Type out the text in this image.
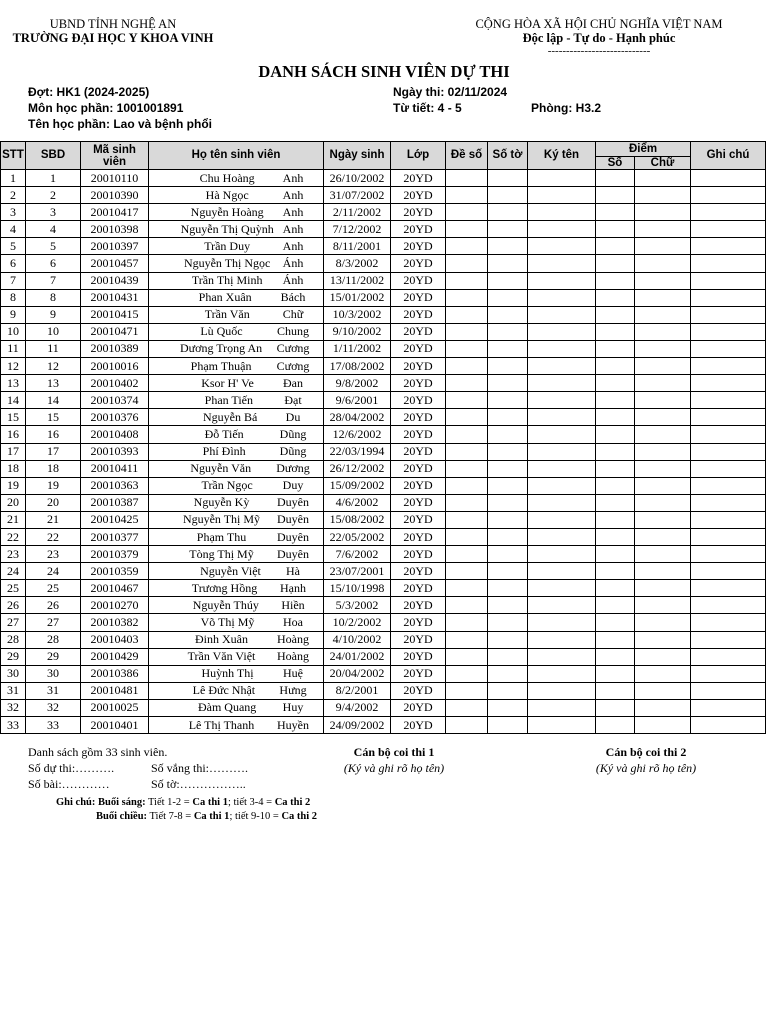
UBND TỈNH NGHỆ AN
TRƯỜNG ĐẠI HỌC Y KHOA VINH
CỘNG HÒA XÃ HỘI CHỦ NGHĨA VIỆT NAM
Độc lập - Tự do - Hạnh phúc
----------------------------
DANH SÁCH SINH VIÊN DỰ THI
Đợt: HK1 (2024-2025)
Môn học phần: 1001001891
Tên học phần: Lao và bệnh phổi
Ngày thi: 02/11/2024
Từ tiết: 4 - 5	Phòng: H3.2
STT	SBD	Mã sinh viên	Họ tên sinh viên	Ngày sinh	Lớp	Đề số	Số tờ	Ký tên	Điểm		Ghi chú
									Số	Chữ	
1	1	20010110	Chu Hoàng Anh	26/10/2002	20YD						
2	2	20010390	Hà Ngọc Anh	31/07/2002	20YD						
3	3	20010417	Nguyễn Hoàng Anh	2/11/2002	20YD						
4	4	20010398	Nguyễn Thị Quỳnh Anh	7/12/2002	20YD						
5	5	20010397	Trần Duy Anh	8/11/2001	20YD						
6	6	20010457	Nguyễn Thị Ngọc Ánh	8/3/2002	20YD						
7	7	20010439	Trần Thị Minh Ánh	13/11/2002	20YD						
8	8	20010431	Phan Xuân Bách	15/01/2002	20YD						
9	9	20010415	Trần Văn Chữ	10/3/2002	20YD						
10	10	20010471	Lù Quốc Chung	9/10/2002	20YD						
11	11	20010389	Dương Trọng An Cương	1/11/2002	20YD						
12	12	20010016	Phạm Thuận Cương	17/08/2002	20YD						
13	13	20010402	Ksor H' Ve Đan	9/8/2002	20YD						
14	14	20010374	Phan Tiến Đạt	9/6/2001	20YD						
15	15	20010376	Nguyễn Bá Du	28/04/2002	20YD						
16	16	20010408	Đỗ Tiến Dũng	12/6/2002	20YD						
17	17	20010393	Phí Đình Dũng	22/03/1994	20YD						
18	18	20010411	Nguyễn Văn Dương	26/12/2002	20YD						
19	19	20010363	Trần Ngọc Duy	15/09/2002	20YD						
20	20	20010387	Nguyễn Kỳ Duyên	4/6/2002	20YD						
21	21	20010425	Nguyễn Thị Mỹ Duyên	15/08/2002	20YD						
22	22	20010377	Phạm Thu Duyên	22/05/2002	20YD						
23	23	20010379	Tòng Thị Mỹ Duyên	7/6/2002	20YD						
24	24	20010359	Nguyễn Việt Hà	23/07/2001	20YD						
25	25	20010467	Trương Hồng Hạnh	15/10/1998	20YD						
26	26	20010270	Nguyễn Thúy Hiền	5/3/2002	20YD						
27	27	20010382	Võ Thị Mỹ Hoa	10/2/2002	20YD						
28	28	20010403	Đinh Xuân Hoàng	4/10/2002	20YD						
29	29	20010429	Trần Văn Việt Hoàng	24/01/2002	20YD						
30	30	20010386	Huỳnh Thị Huệ	20/04/2002	20YD						
31	31	20010481	Lê Đức Nhật Hưng	8/2/2001	20YD						
32	32	20010025	Đàm Quang Huy	9/4/2002	20YD						
33	33	20010401	Lê Thị Thanh Huyền	24/09/2002	20YD						
Danh sách gồm 33 sinh viên.
Số dự thi:……….	Số vắng thi:……….
Số bài:…………	Số tờ:……………..
Cán bộ coi thi 1
(Ký và ghi rõ họ tên)
Cán bộ coi thi 2
(Ký và ghi rõ họ tên)
Ghi chú: Buổi sáng: Tiết 1-2 = Ca thi 1; tiết 3-4 = Ca thi 2
Buổi chiều: Tiết 7-8 = Ca thi 1; tiết 9-10 = Ca thi 2
